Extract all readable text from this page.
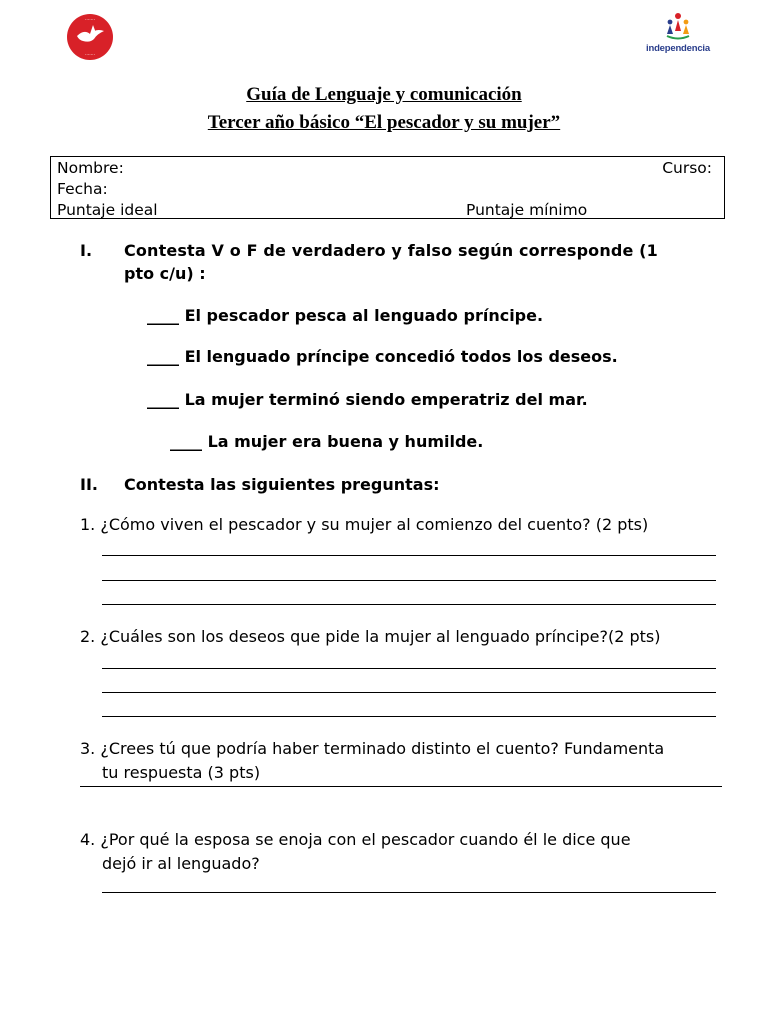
·······
·······
independencia
Guía de Lenguaje y comunicación
Tercer año básico “El pescador y su mujer”
Nombre:	Curso:
Fecha:
Puntaje ideal	Puntaje mínimo
I. Contesta V o F de verdadero y falso según corresponde (1
pto c/u) :
____ El pescador pesca al lenguado príncipe.
____ El lenguado príncipe concedió todos los deseos.
____ La mujer terminó siendo emperatriz del mar.
____ La mujer era buena y humilde.
II. Contesta las siguientes preguntas:
1. ¿Cómo viven el pescador y su mujer al comienzo del cuento? (2 pts)
2. ¿Cuáles son los deseos que pide la mujer al lenguado príncipe?(2 pts)
3. ¿Crees tú que podría haber terminado distinto el cuento? Fundamenta
tu respuesta (3 pts)
4. ¿Por qué la esposa se enoja con el pescador cuando él le dice que
dejó ir al lenguado?
